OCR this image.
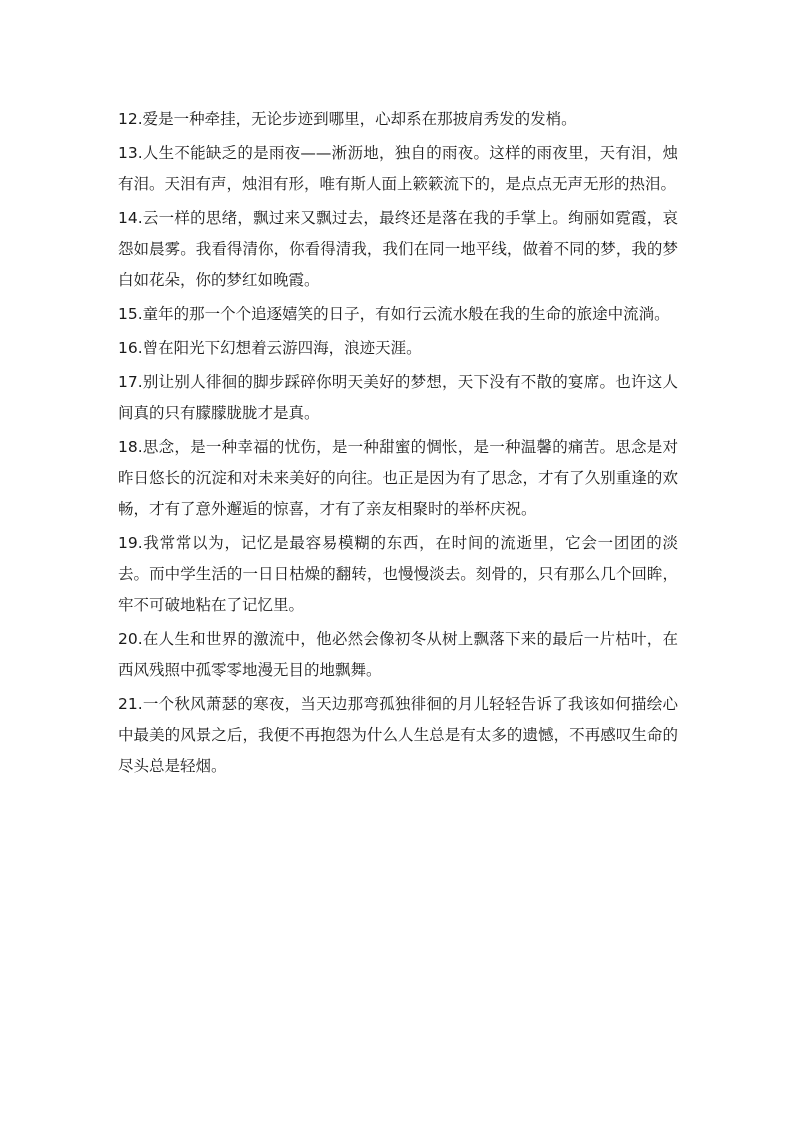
12.爱是一种牵挂，无论步迹到哪里，心却系在那披肩秀发的发梢。

13.人生不能缺乏的是雨夜——淅沥地，独自的雨夜。这样的雨夜里，天有泪，烛有泪。天泪有声，烛泪有形，唯有斯人面上簌簌流下的，是点点无声无形的热泪。

14.云一样的思绪，飘过来又飘过去，最终还是落在我的手掌上。绚丽如霓霞，哀怨如晨雾。我看得清你，你看得清我，我们在同一地平线，做着不同的梦，我的梦白如花朵，你的梦红如晚霞。

15.童年的那一个个追逐嬉笑的日子，有如行云流水般在我的生命的旅途中流淌。

16.曾在阳光下幻想着云游四海，浪迹天涯。

17.别让别人徘徊的脚步踩碎你明天美好的梦想，天下没有不散的宴席。也许这人间真的只有朦朦胧胧才是真。

18.思念，是一种幸福的忧伤，是一种甜蜜的惆怅，是一种温馨的痛苦。思念是对昨日悠长的沉淀和对未来美好的向往。也正是因为有了思念，才有了久别重逢的欢畅，才有了意外邂逅的惊喜，才有了亲友相聚时的举杯庆祝。

19.我常常以为，记忆是最容易模糊的东西，在时间的流逝里，它会一团团的淡去。而中学生活的一日日枯燥的翻转，也慢慢淡去。刻骨的，只有那么几个回眸，牢不可破地粘在了记忆里。

20.在人生和世界的激流中，他必然会像初冬从树上飘落下来的最后一片枯叶，在西风残照中孤零零地漫无目的地飘舞。

21.一个秋风萧瑟的寒夜，当天边那弯孤独徘徊的月儿轻轻告诉了我该如何描绘心中最美的风景之后，我便不再抱怨为什么人生总是有太多的遗憾，不再感叹生命的尽头总是轻烟。
